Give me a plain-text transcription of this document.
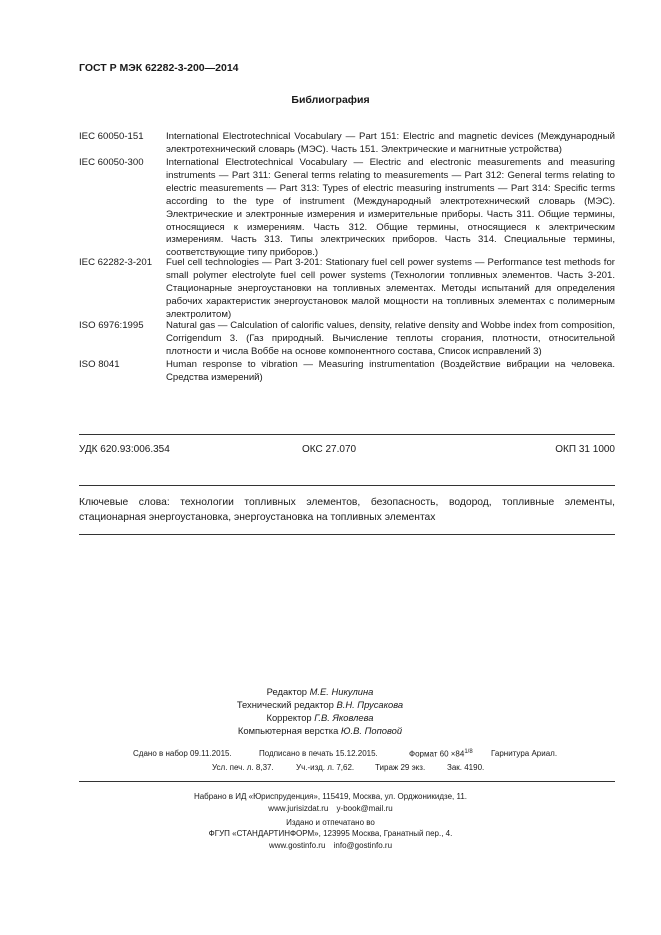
ГОСТ Р МЭК 62282-3-200—2014
Библиография
IEC 60050-151 International Electrotechnical Vocabulary — Part 151: Electric and magnetic devices (Международный электротехнический словарь (МЭС). Часть 151. Электрические и магнитные устройства)
IEC 60050-300 International Electrotechnical Vocabulary — Electric and electronic measurements and measuring instruments — Part 311: General terms relating to measurements — Part 312: General terms relating to electric measurements — Part 313: Types of electric measuring instruments — Part 314: Specific terms according to the type of instrument (Международный электротехнический словарь (МЭС). Электрические и электронные измерения и измерительные приборы. Часть 311. Общие термины, относящиеся к измерениям. Часть 312. Общие термины, относящиеся к электрическим измерениям. Часть 313. Типы электрических приборов. Часть 314. Специальные термины, соответствующие типу приборов.)
IEC 62282-3-201 Fuel cell technologies — Part 3-201: Stationary fuel cell power systems — Performance test methods for small polymer electrolyte fuel cell power systems (Технологии топливных элементов. Часть 3-201. Стационарные энергоустановки на топливных элементах. Методы испытаний для определения рабочих характеристик энергоустановок малой мощности на топливных элементах с полимерным электролитом)
ISO 6976:1995 Natural gas — Calculation of calorific values, density, relative density and Wobbe index from composition, Corrigendum 3. (Газ природный. Вычисление теплоты сгорания, плотности, относительной плотности и числа Воббе на основе компонентного состава, Список исправлений 3)
ISO 8041	Human response to vibration — Measuring instrumentation (Воздействие вибрации на человека. Средства измерений)
УДК 620.93:006.354	ОКС 27.070	ОКП 31 1000
Ключевые слова: технологии топливных элементов, безопасность, водород, топливные элементы, стационарная энергоустановка, энергоустановка на топливных элементах
Редактор М.Е. Никулина
Технический редактор В.Н. Прусакова
Корректор Г.В. Яковлева
Компьютерная верстка Ю.В. Поповой
Сдано в набор 09.11.2015.	Подписано в печать 15.12.2015.	Формат $60 \times 84^{1/8}$ Гарнитура Ариал.
Усл. печ. л. 8,37.	Уч.-изд. л. 7,62.	Тираж 29 экз.	Зак. 4190.
Набрано в ИД «Юриспруденция», 115419, Москва, ул. Орджоникидзе, 11.
www.jurisizdat.ru y-book@mail.ru
Издано и отпечатано во
ФГУП «СТАНДАРТИНФОРМ», 123995 Москва, Гранатный пер., 4.
www.gostinfo.ru info@gostinfo.ru
